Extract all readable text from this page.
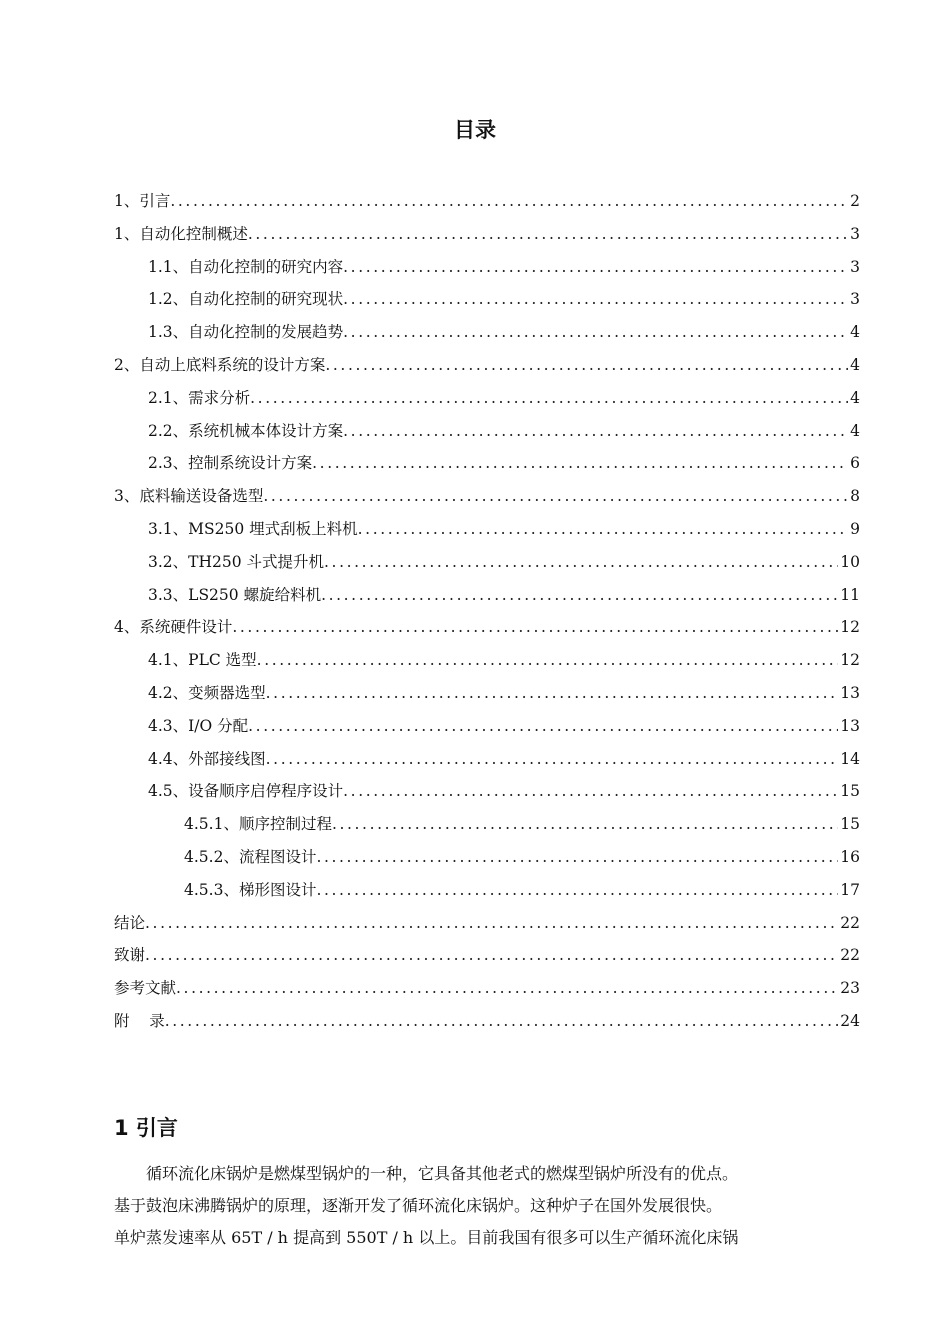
目录
1、引言 .....	2
1、自动化控制概述 .....	3
1.1、自动化控制的研究内容 .....	3
1.2、自动化控制的研究现状 .....	3
1.3、自动化控制的发展趋势 .....	4
2、自动上底料系统的设计方案 .....	4
2.1、需求分析 .....	4
2.2、系统机械本体设计方案 .....	4
2.3、控制系统设计方案 .....	6
3、底料输送设备选型 .....	8
3.1、MS250 埋式刮板上料机 .....	9
3.2、TH250 斗式提升机 .....	10
3.3、LS250 螺旋给料机 .....	11
4、系统硬件设计 .....	12
4.1、PLC 选型 .....	12
4.2、变频器选型 .....	13
4.3、I/O 分配 .....	13
4.4、外部接线图 .....	14
4.5、设备顺序启停程序设计 .....	15
4.5.1、顺序控制过程 .....	15
4.5.2、流程图设计 .....	16
4.5.3、梯形图设计 .....	17
结论 .....	22
致谢 .....	22
参考文献 .....	23
附    录 .....	24
1 引言

循环流化床锅炉是燃煤型锅炉的一种，它具备其他老式的燃煤型锅炉所没有的优点。
基于鼓泡床沸腾锅炉的原理，逐渐开发了循环流化床锅炉。这种炉子在国外发展很快。
单炉蒸发速率从 65T / h 提高到 550T / h 以上。目前我国有很多可以生产循环流化床锅
